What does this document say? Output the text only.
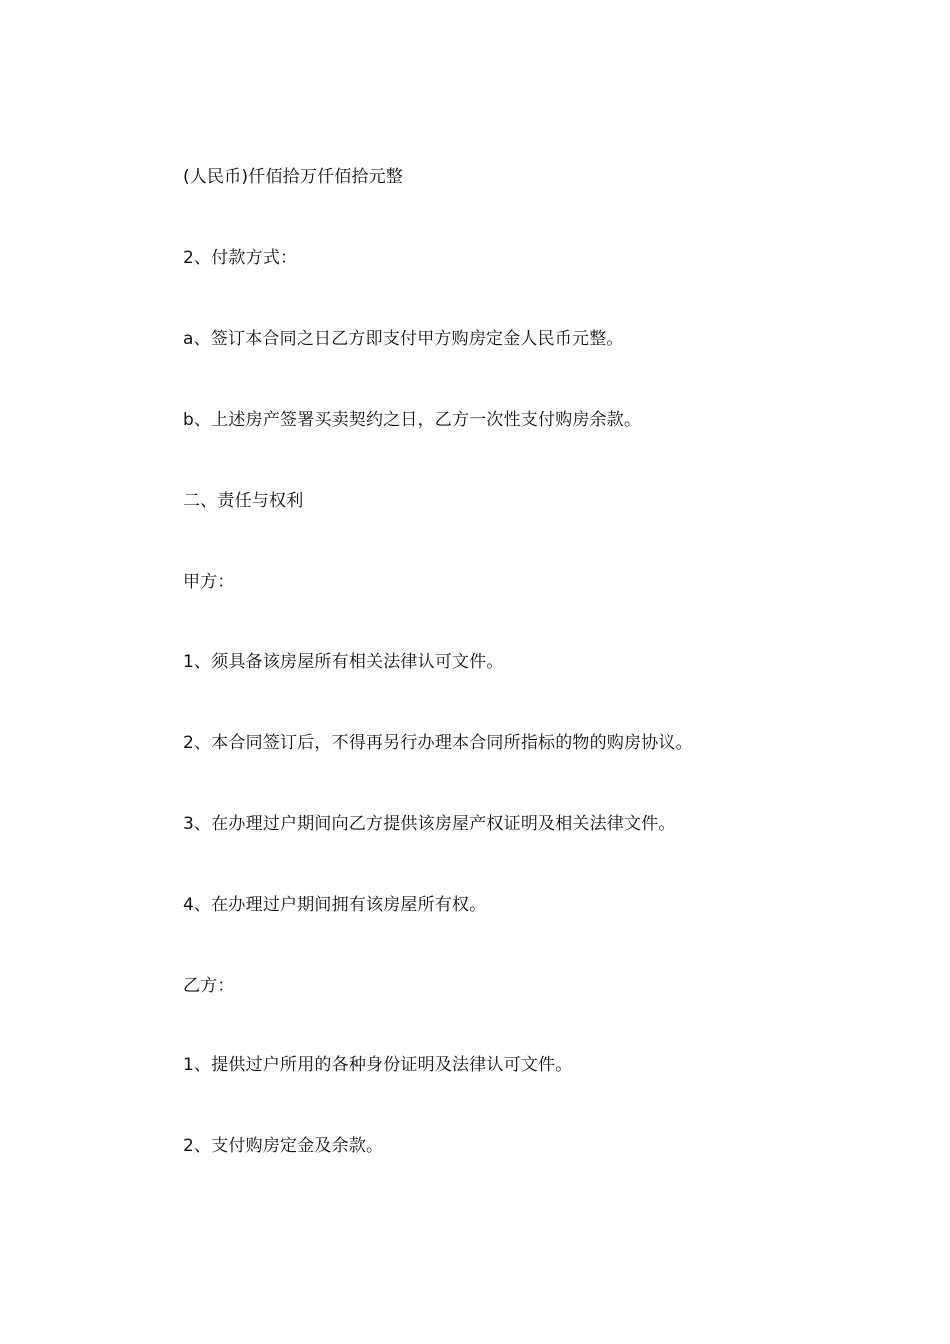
(人民币)仟佰拾万仟佰拾元整
2、付款方式：
a、签订本合同之日乙方即支付甲方购房定金人民币元整。
b、上述房产签署买卖契约之日，乙方一次性支付购房余款。
二、责任与权利
甲方：
1、须具备该房屋所有相关法律认可文件。
2、本合同签订后，不得再另行办理本合同所指标的物的购房协议。
3、在办理过户期间向乙方提供该房屋产权证明及相关法律文件。
4、在办理过户期间拥有该房屋所有权。
乙方：
1、提供过户所用的各种身份证明及法律认可文件。
2、支付购房定金及余款。
